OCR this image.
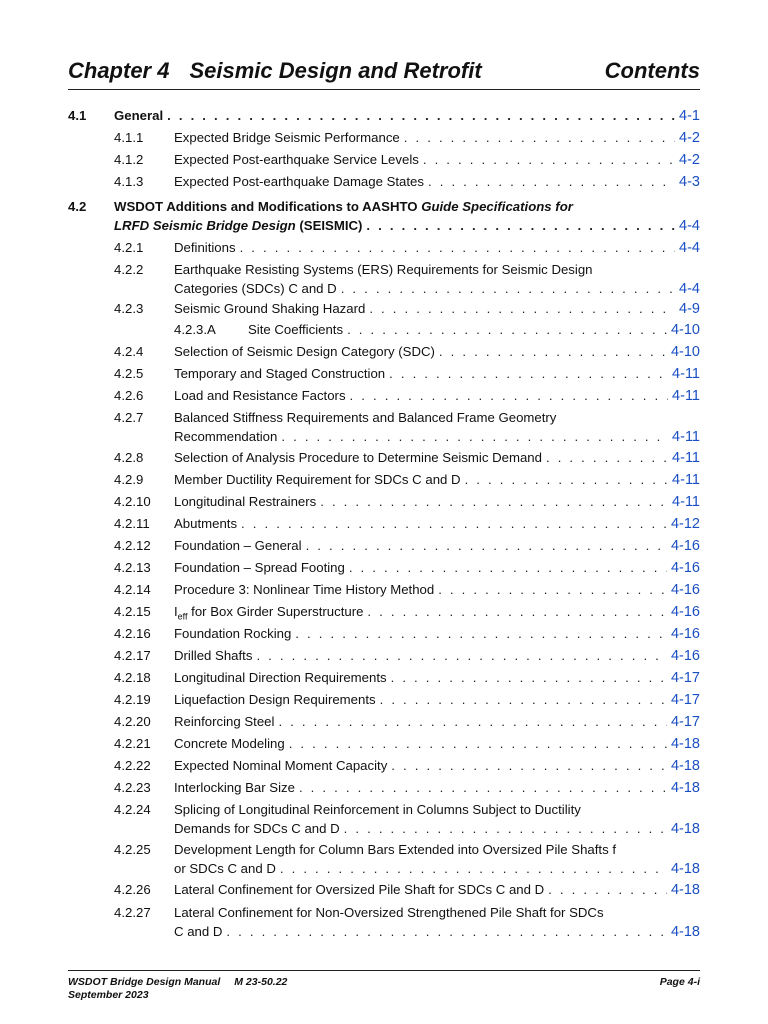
Chapter 4 Seismic Design and Retrofit	Contents
4.1 General . . .	4-1
4.1.1 Expected Bridge Seismic Performance . . .	4-2
4.1.2 Expected Post-earthquake Service Levels . . .	4-2
4.1.3 Expected Post-earthquake Damage States . . .	4-3
4.2 WSDOT Additions and Modifications to AASHTO Guide Specifications for
LRFD Seismic Bridge Design (SEISMIC) . . .	4-4
4.2.1 Definitions . . .	4-4
4.2.2 Earthquake Resisting Systems (ERS) Requirements for Seismic Design
Categories (SDCs) C and D . . .	4-4
4.2.3 Seismic Ground Shaking Hazard . . .	4-9
4.2.3.A Site Coefficients . . .	4-10
4.2.4 Selection of Seismic Design Category (SDC) . . .	4-10
4.2.5 Temporary and Staged Construction . . .	4-11
4.2.6 Load and Resistance Factors . . .	4-11
4.2.7 Balanced Stiffness Requirements and Balanced Frame Geometry
Recommendation . . .	4-11
4.2.8 Selection of Analysis Procedure to Determine Seismic Demand . . .	4-11
4.2.9 Member Ductility Requirement for SDCs C and D . . .	4-11
4.2.10 Longitudinal Restrainers . . .	4-11
4.2.11 Abutments . . .	4-12
4.2.12 Foundation – General . . .	4-16
4.2.13 Foundation – Spread Footing . . .	4-16
4.2.14 Procedure 3: Nonlinear Time History Method . . .	4-16
4.2.15 $I_{eff}$ for Box Girder Superstructure . . .	4-16
4.2.16 Foundation Rocking . . .	4-16
4.2.17 Drilled Shafts . . .	4-16
4.2.18 Longitudinal Direction Requirements . . .	4-17
4.2.19 Liquefaction Design Requirements . . .	4-17
4.2.20 Reinforcing Steel . . .	4-17
4.2.21 Concrete Modeling . . .	4-18
4.2.22 Expected Nominal Moment Capacity . . .	4-18
4.2.23 Interlocking Bar Size . . .	4-18
4.2.24 Splicing of Longitudinal Reinforcement in Columns Subject to Ductility
Demands for SDCs C and D . . .	4-18
4.2.25 Development Length for Column Bars Extended into Oversized Pile Shafts f
or SDCs C and D . . .	4-18
4.2.26 Lateral Confinement for Oversized Pile Shaft for SDCs C and D . . .	4-18
4.2.27 Lateral Confinement for Non-Oversized Strengthened Pile Shaft for SDCs
C and D . . .	4-18
WSDOT Bridge Design Manual M 23-50.22	Page 4-i
September 2023
